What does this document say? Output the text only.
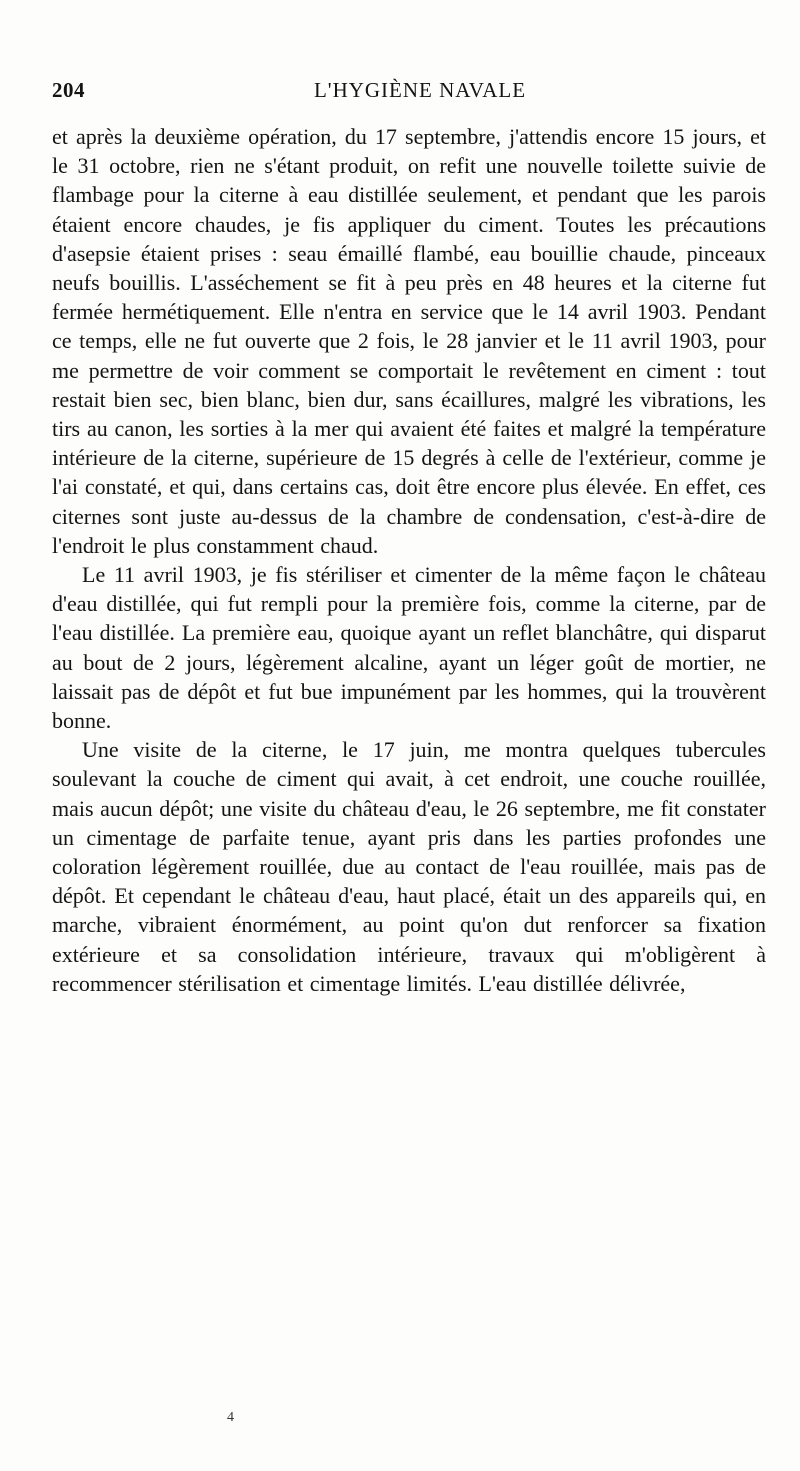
204	L'HYGIÈNE NAVALE

et après la deuxième opération, du 17 septembre, j'attendis encore 15 jours, et le 31 octobre, rien ne s'étant produit, on refit une nouvelle toilette suivie de flambage pour la citerne à eau distillée seulement, et pendant que les parois étaient encore chaudes, je fis appliquer du ciment. Toutes les précautions d'asepsie étaient prises : seau émaillé flambé, eau bouillie chaude, pinceaux neufs bouillis. L'asséchement se fit à peu près en 48 heures et la citerne fut fermée hermétiquement. Elle n'entra en service que le 14 avril 1903. Pendant ce temps, elle ne fut ouverte que 2 fois, le 28 janvier et le 11 avril 1903, pour me permettre de voir comment se comportait le revêtement en ciment : tout restait bien sec, bien blanc, bien dur, sans écaillures, malgré les vibrations, les tirs au canon, les sorties à la mer qui avaient été faites et malgré la température intérieure de la citerne, supérieure de 15 degrés à celle de l'extérieur, comme je l'ai constaté, et qui, dans certains cas, doit être encore plus élevée. En effet, ces citernes sont juste au-dessus de la chambre de condensation, c'est-à-dire de l'endroit le plus constamment chaud.

Le 11 avril 1903, je fis stériliser et cimenter de la même façon le château d'eau distillée, qui fut rempli pour la première fois, comme la citerne, par de l'eau distillée. La première eau, quoique ayant un reflet blanchâtre, qui disparut au bout de 2 jours, légèrement alcaline, ayant un léger goût de mortier, ne laissait pas de dépôt et fut bue impunément par les hommes, qui la trouvèrent bonne.

Une visite de la citerne, le 17 juin, me montra quelques tubercules soulevant la couche de ciment qui avait, à cet endroit, une couche rouillée, mais aucun dépôt; une visite du château d'eau, le 26 septembre, me fit constater un cimentage de parfaite tenue, ayant pris dans les parties profondes une coloration légèrement rouillée, due au contact de l'eau rouillée, mais pas de dépôt. Et cependant le château d'eau, haut placé, était un des appareils qui, en marche, vibraient énormément, au point qu'on dut renforcer sa fixation extérieure et sa consolidation intérieure, travaux qui m'obligèrent à recommencer stérilisation et cimentage limités. L'eau distillée délivrée,

4
